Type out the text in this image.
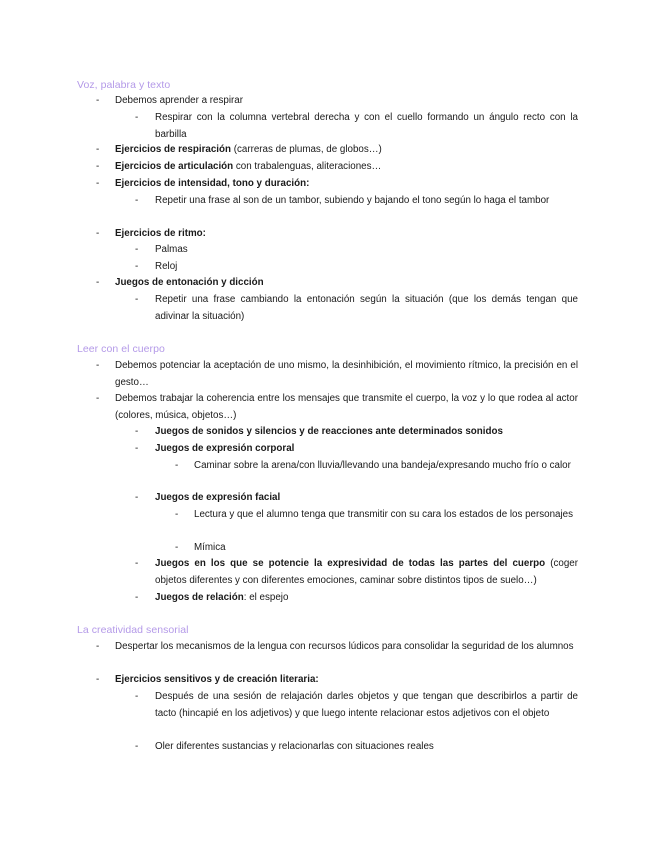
Voz, palabra y texto
-	Debemos aprender a respirar
-	Respirar con la columna vertebral derecha y con el cuello formando un ángulo recto con la barbilla
-	Ejercicios de respiración (carreras de plumas, de globos…)
-	Ejercicios de articulación con trabalenguas, aliteraciones…
-	Ejercicios de intensidad, tono y duración:
-	Repetir una frase al son de un tambor, subiendo y bajando el tono según lo haga el tambor
-	Ejercicios de ritmo:
-	Palmas
-	Reloj
-	Juegos de entonación y dicción
-	Repetir una frase cambiando la entonación según la situación (que los demás tengan que adivinar la situación)
Leer con el cuerpo
-	Debemos potenciar la aceptación de uno mismo, la desinhibición, el movimiento rítmico, la precisión en el gesto…
-	Debemos trabajar la coherencia entre los mensajes que transmite el cuerpo, la voz y lo que rodea al actor (colores, música, objetos…)
-	Juegos de sonidos y silencios y de reacciones ante determinados sonidos
-	Juegos de expresión corporal
-	Caminar sobre la arena/con lluvia/llevando una bandeja/expresando mucho frío o calor
-	Juegos de expresión facial
-	Lectura y que el alumno tenga que transmitir con su cara los estados de los personajes
-	Mímica
-	Juegos en los que se potencie la expresividad de todas las partes del cuerpo (coger objetos diferentes y con diferentes emociones, caminar sobre distintos tipos de suelo…)
-	Juegos de relación: el espejo
La creatividad sensorial
-	Despertar los mecanismos de la lengua con recursos lúdicos para consolidar la seguridad de los alumnos
-	Ejercicios sensitivos y de creación literaria:
-	Después de una sesión de relajación darles objetos y que tengan que describirlos a partir de tacto (hincapié en los adjetivos) y que luego intente relacionar estos adjetivos con el objeto
-	Oler diferentes sustancias y relacionarlas con situaciones reales
